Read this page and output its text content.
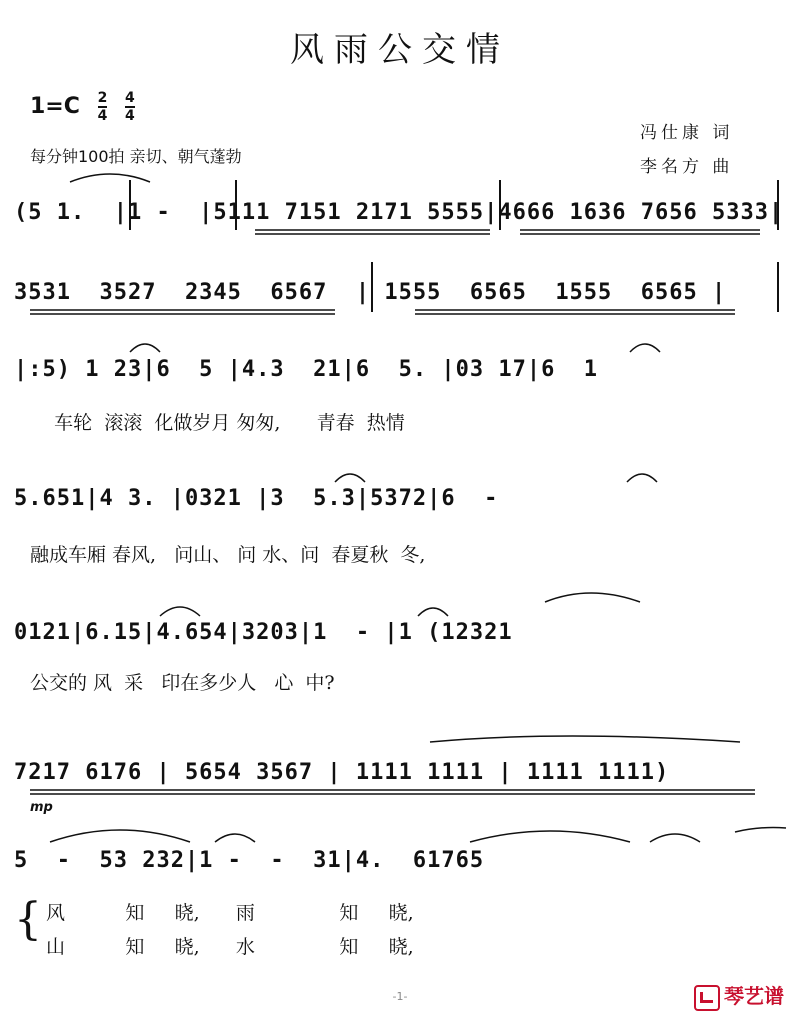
风雨公交情
$1=C \frac{2}{4}$
$\frac{4}{4}$
每分钟100拍 亲切、朝气蓬勃
冯仕康 词
李名方 曲
(5 1.  |1 -  |5111 7151 2171 5555|4666 1636 7656 5333|
3531  3527  2345  6567  | 1555  6565  1555  6565 |
|:5) 1 23|6  5 |4.3  21|6  5. |03 17|6  1
车轮  滚滚  化做岁月 匆匆,      青春  热情
5.651|4 3. |0321 |3  5.3|5372|6  -
融成车厢 春风,   问山、 问 水、问  春夏秋  冬,
0121|6.15|4.654|3203|1  - |1 (12321
公交的 风  采   印在多少人   心  中?
7217 6176 | 5654 3567 | 1111 1111 | 1111 1111)
mp
5  -  53 232|1 -  -  31|4.  61765
{ 风          知     晓,      雨              知     晓,
山          知     晓,      水              知     晓,
-1-	琴艺谱
